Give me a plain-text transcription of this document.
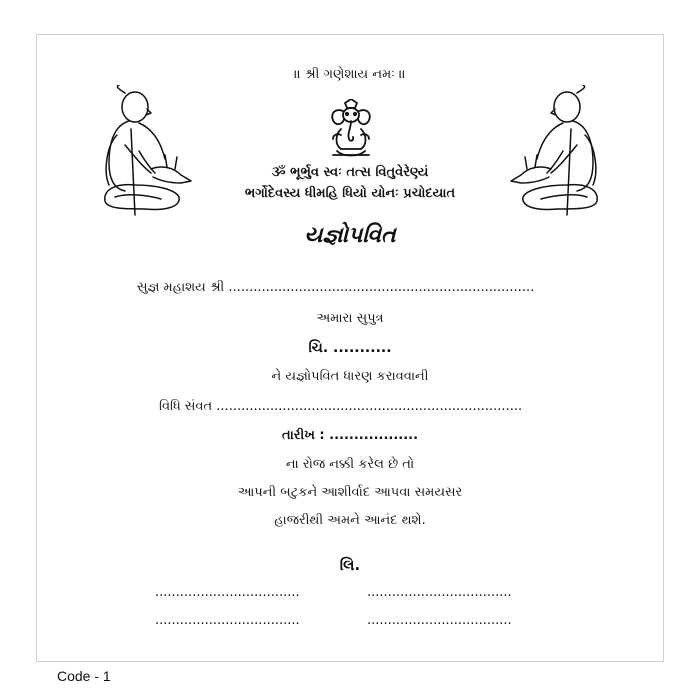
॥ શ્રી ગણેશાય નમઃ ॥
ૐ ભૂર્ભુવ સ્વઃ તત્સ વિતુવેરેણ્યં
ભર્ગોદેવસ્ય ધીમહિ ધિયો યોનઃ પ્રચોદયાત
યજ્ઞોપવિત
સુજ્ઞ મહાશય શ્રી ..........................................................................
અમારા સુપુત્ર
ચિ. ...........
ને યજ્ઞોપવિત ધારણ કરાવવાની
વિધિ સંવત ..........................................................................
તારીખ : ..................
ના રોજ નક્કી કરેલ છે તો
આપની બટુકને આશીર્વાદ આપવા સમયસર
હાજરીથી અમને આનંદ થશે.
લિ.
...................................	...................................
...................................	...................................
Code - 1
